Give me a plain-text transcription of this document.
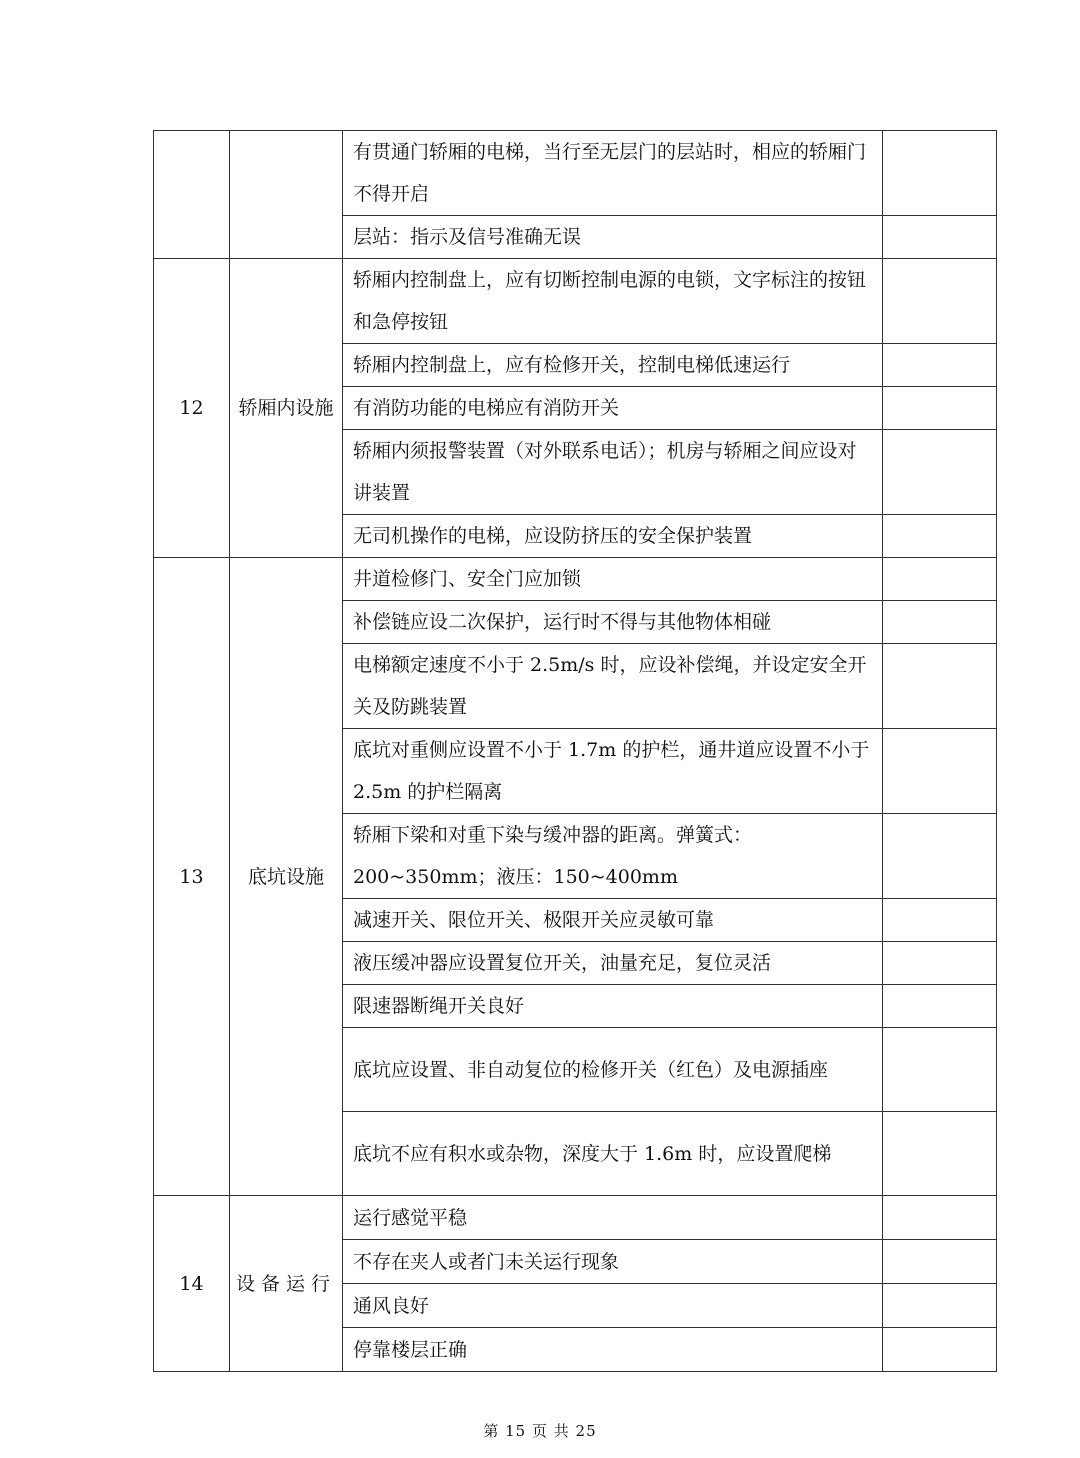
		有贯通门轿厢的电梯，当行至无层门的层站时，相应的轿厢门不得开启	
		层站：指示及信号准确无误	
12	轿厢内设施	轿厢内控制盘上，应有切断控制电源的电锁，文字标注的按钮和急停按钮	
		轿厢内控制盘上，应有检修开关，控制电梯低速运行	
		有消防功能的电梯应有消防开关	
		轿厢内须报警装置（对外联系电话）；机房与轿厢之间应设对讲装置	
		无司机操作的电梯，应设防挤压的安全保护装置	
13	底坑设施	井道检修门、安全门应加锁	
		补偿链应设二次保护，运行时不得与其他物体相碰	
		电梯额定速度不小于 2.5m/s 时，应设补偿绳，并设定安全开关及防跳装置	
		底坑对重侧应设置不小于 1.7m 的护栏，通井道应设置不小于 2.5m 的护栏隔离	
		轿厢下梁和对重下染与缓冲器的距离。弹簧式：200~350mm；液压：150~400mm	
		减速开关、限位开关、极限开关应灵敏可靠	
		液压缓冲器应设置复位开关，油量充足，复位灵活	
		限速器断绳开关良好	
		底坑应设置、非自动复位的检修开关（红色）及电源插座	
		底坑不应有积水或杂物，深度大于 1.6m 时，应设置爬梯	
14	设备运行	运行感觉平稳	
		不存在夹人或者门未关运行现象	
		通风良好	
		停靠楼层正确	
第 15 页 共 25
